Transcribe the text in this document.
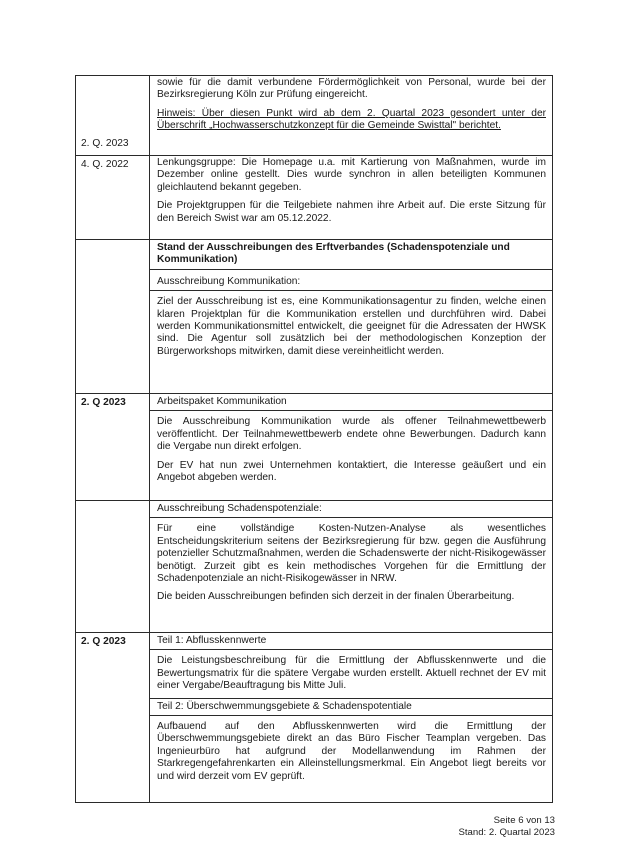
2. Q. 2023	sowie für die damit verbundene Fördermöglichkeit von Personal, wurde bei der Bezirksregierung Köln zur Prüfung eingereicht.

Hinweis: Über diesen Punkt wird ab dem 2. Quartal 2023 gesondert unter der Überschrift „Hochwasserschutzkonzept für die Gemeinde Swisttal" berichtet.

4. Q. 2022	Lenkungsgruppe: Die Homepage u.a. mit Kartierung von Maßnahmen, wurde im Dezember online gestellt. Dies wurde synchron in allen beteiligten Kommunen gleichlautend bekannt gegeben.

Die Projektgruppen für die Teilgebiete nahmen ihre Arbeit auf. Die erste Sitzung für den Bereich Swist war am 05.12.2022.

	Stand der Ausschreibungen des Erftverbandes (Schadenspotenziale und Kommunikation)
Ausschreibung Kommunikation:

Ziel der Ausschreibung ist es, eine Kommunikationsagentur zu finden, welche einen klaren Projektplan für die Kommunikation erstellen und durchführen wird. Dabei werden Kommunikationsmittel entwickelt, die geeignet für die Adressaten der HWSK sind. Die Agentur soll zusätzlich bei der methodologischen Konzeption der Bürgerworkshops mitwirken, damit diese vereinheitlicht werden.

2. Q 2023	Arbeitspaket Kommunikation

Die Ausschreibung Kommunikation wurde als offener Teilnahmewettbewerb veröffentlicht. Der Teilnahmewettbewerb endete ohne Bewerbungen. Dadurch kann die Vergabe nun direkt erfolgen.

Der EV hat nun zwei Unternehmen kontaktiert, die Interesse geäußert und ein Angebot abgeben werden.

	Ausschreibung Schadenspotenziale:

Für eine vollständige Kosten-Nutzen-Analyse als wesentliches Entscheidungskriterium seitens der Bezirksregierung für bzw. gegen die Ausführung potenzieller Schutzmaßnahmen, werden die Schadenswerte der nicht-Risikogewässer benötigt. Zurzeit gibt es kein methodisches Vorgehen für die Ermittlung der Schadenpotenziale an nicht-Risikogewässer in NRW.

Die beiden Ausschreibungen befinden sich derzeit in der finalen Überarbeitung.

2. Q 2023	Teil 1: Abflusskennwerte

Die Leistungsbeschreibung für die Ermittlung der Abflusskennwerte und die Bewertungsmatrix für die spätere Vergabe wurden erstellt. Aktuell rechnet der EV mit einer Vergabe/Beauftragung bis Mitte Juli.

Teil 2: Überschwemmungsgebiete & Schadenspotentiale

Aufbauend auf den Abflusskennwerten wird die Ermittlung der Überschwemmungsgebiete direkt an das Büro Fischer Teamplan vergeben. Das Ingenieurbüro hat aufgrund der Modellanwendung im Rahmen der Starkregengefahrenkarten ein Alleinstellungsmerkmal. Ein Angebot liegt bereits vor und wird derzeit vom EV geprüft.

Seite 6 von 13
Stand: 2. Quartal 2023
